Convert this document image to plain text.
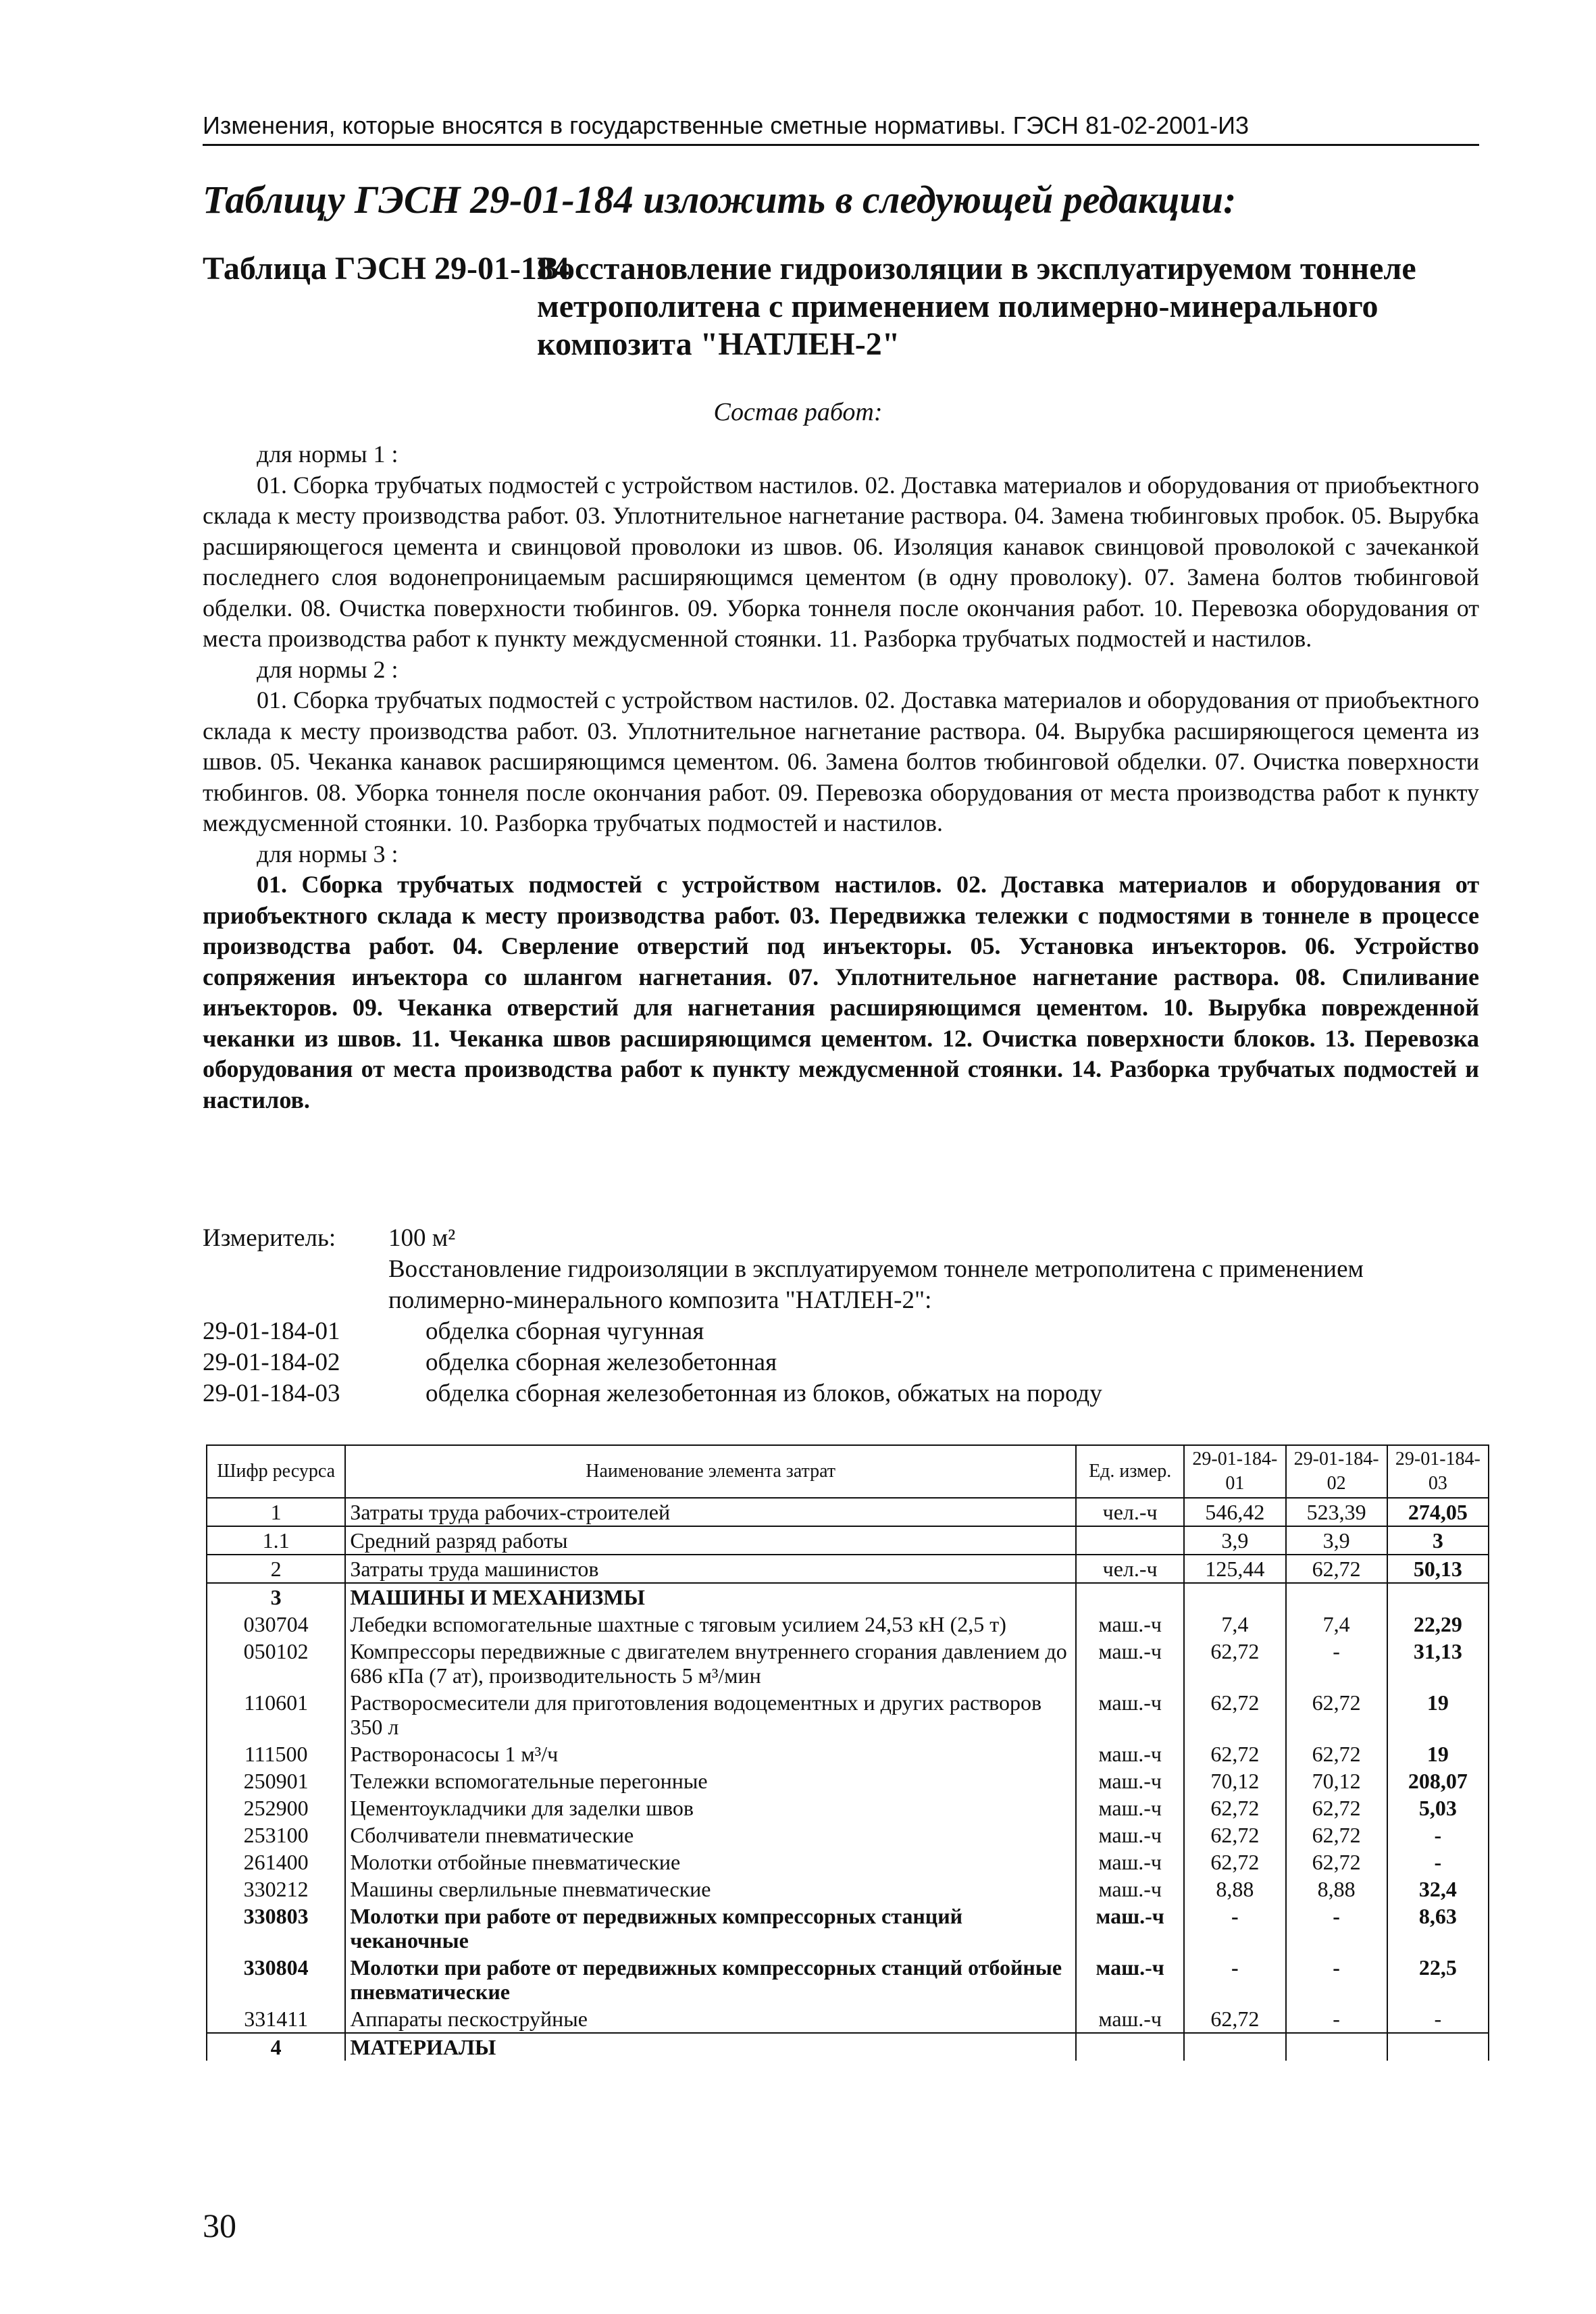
Изменения, которые вносятся в государственные сметные нормативы. ГЭСН 81-02-2001-И3
Таблицу ГЭСН 29-01-184 изложить в следующей редакции:
Таблица ГЭСН 29-01-184
Восстановление гидроизоляции в эксплуатируемом тоннеле
метрополитена с применением полимерно-минерального
композита "НАТЛЕН-2"
Состав работ:
для нормы 1 :

01. Сборка трубчатых подмостей с устройством настилов. 02. Доставка материалов и оборудования от приобъектного склада к месту производства работ. 03. Уплотнительное нагнетание раствора. 04. Замена тюбинговых пробок. 05. Вырубка расширяющегося цемента и свинцовой проволоки из швов. 06. Изоляция канавок свинцовой проволокой с зачеканкой последнего слоя водонепроницаемым расширяющимся цементом (в одну проволоку). 07. Замена болтов тюбинговой обделки. 08. Очистка поверхности тюбингов. 09. Уборка тоннеля после окончания работ. 10. Перевозка оборудования от места производства работ к пункту междусменной стоянки. 11. Разборка трубчатых подмостей и настилов.

для нормы 2 :

01. Сборка трубчатых подмостей с устройством настилов. 02. Доставка материалов и оборудования от приобъектного склада к месту производства работ. 03. Уплотнительное нагнетание раствора. 04. Вырубка расширяющегося цемента из швов. 05. Чеканка канавок расширяющимся цементом. 06. Замена болтов тюбинговой обделки. 07. Очистка поверхности тюбингов. 08. Уборка тоннеля после окончания работ. 09. Перевозка оборудования от места производства работ к пункту междусменной стоянки. 10. Разборка трубчатых подмостей и настилов.

для нормы 3 :

01. Сборка трубчатых подмостей с устройством настилов. 02. Доставка материалов и оборудования от приобъектного склада к месту производства работ. 03. Передвижка тележки с подмостями в тоннеле в процессе производства работ. 04. Сверление отверстий под инъекторы. 05. Установка инъекторов. 06. Устройство сопряжения инъектора со шлангом нагнетания. 07. Уплотнительное нагнетание раствора. 08. Спиливание инъекторов. 09. Чеканка отверстий для нагнетания расширяющимся цементом. 10. Вырубка поврежденной чеканки из швов. 11. Чеканка швов расширяющимся цементом. 12. Очистка поверхности блоков. 13. Перевозка оборудования от места производства работ к пункту междусменной стоянки. 14. Разборка трубчатых подмостей и настилов.

Измеритель:	100 м²
Восстановление гидроизоляции в эксплуатируемом тоннеле метрополитена с применением полимерно-минерального композита "НАТЛЕН-2":
29-01-184-01	обделка сборная чугунная
29-01-184-02	обделка сборная железобетонная
29-01-184-03	обделка сборная железобетонная из блоков, обжатых на породу
Шифр ресурса	Наименование элемента затрат	Ед. измер.	29-01-184-01	29-01-184-02	29-01-184-03
1	Затраты труда рабочих-строителей	чел.-ч	546,42	523,39	274,05
1.1	Средний разряд работы		3,9	3,9	3
2	Затраты труда машинистов	чел.-ч	125,44	62,72	50,13
3	МАШИНЫ И МЕХАНИЗМЫ				
030704	Лебедки вспомогательные шахтные с тяговым усилием 24,53 кН (2,5 т)	маш.-ч	7,4	7,4	22,29
050102	Компрессоры передвижные с двигателем внутреннего сгорания давлением до 686 кПа (7 ат), производительность 5 м³/мин	маш.-ч	62,72	-	31,13
110601	Растворосмесители для приготовления водоцементных и других растворов 350 л	маш.-ч	62,72	62,72	19
111500	Растворонасосы 1 м³/ч	маш.-ч	62,72	62,72	19
250901	Тележки вспомогательные перегонные	маш.-ч	70,12	70,12	208,07
252900	Цементоукладчики для заделки швов	маш.-ч	62,72	62,72	5,03
253100	Сболчиватели пневматические	маш.-ч	62,72	62,72	-
261400	Молотки отбойные пневматические	маш.-ч	62,72	62,72	-
330212	Машины сверлильные пневматические	маш.-ч	8,88	8,88	32,4
330803	Молотки при работе от передвижных компрессорных станций чеканочные	маш.-ч	-	-	8,63
330804	Молотки при работе от передвижных компрессорных станций отбойные пневматические	маш.-ч	-	-	22,5
331411	Аппараты пескоструйные	маш.-ч	62,72	-	-
4	МАТЕРИАЛЫ				
30
